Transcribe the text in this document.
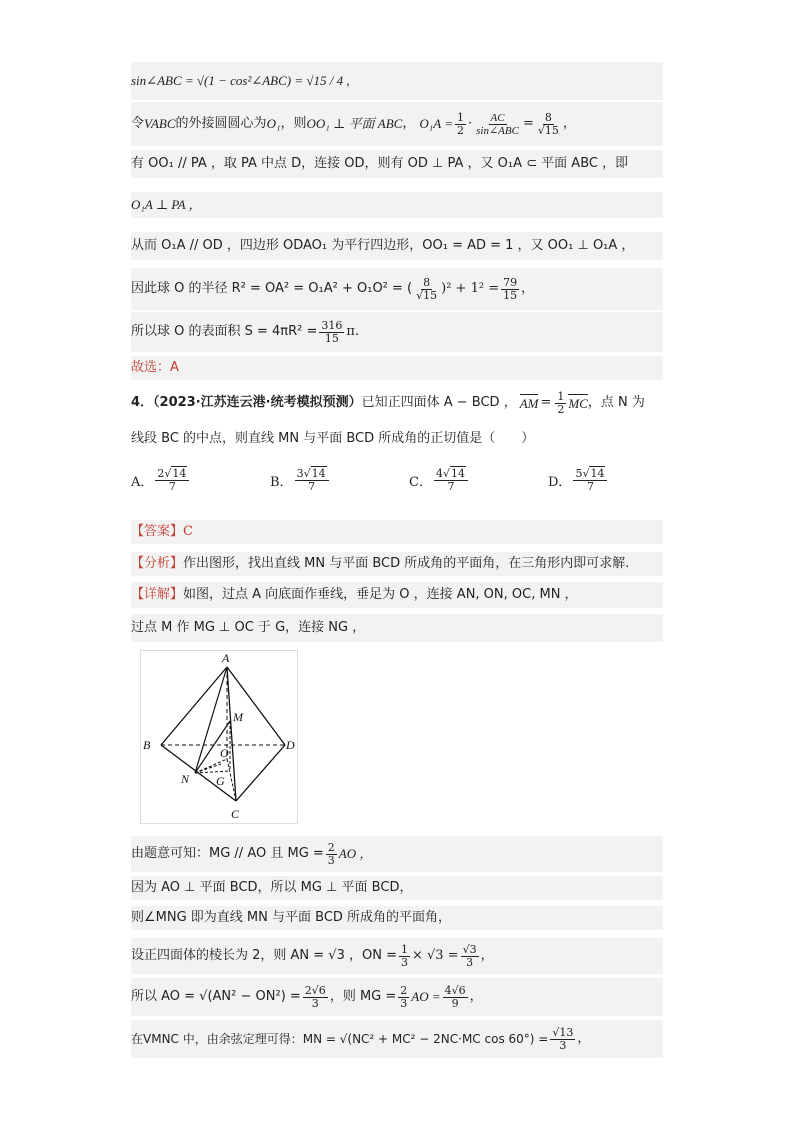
sin∠ABC = √(1 − cos²∠ABC) = √15 / 4 ,
令 VABC 的外接圆圆心为 O₁ ，则 OO₁ ⊥ 平面 ABC ， $O_1A = \frac{1}{2} \cdot \frac{AC}{\text{sin∠ABC}} = \frac{8}{√15}$ ，
有 OO₁ // PA ，取 PA 中点 D，连接 OD，则有 OD ⊥ PA ，又 O₁A ⊂ 平面 ABC ，即
O₁A ⊥ PA ，
从而 O₁A // OD ，四边形 ODAO₁ 为平行四边形，OO₁ = AD = 1 ，又 OO₁ ⊥ O₁A ，
因此球 O 的半径 R² = OA² = O₁A² + O₁O² = ( $\frac{8}{√15} )^2 + 1^2 = \frac{79}{15}$ ，
所以球 O 的表面积 $S = 4\pi R^2 = \frac{316}{15} \pi$.
故选：A
4．（2023·江苏连云港·统考模拟预测） 已知正四面体 A − BCD ， AM = $\frac{1}{2}$ MC ，点 N 为
线段 BC 的中点，则直线 MN 与平面 BCD 所成角的正切值是（　　）
A． $\frac{2√14}{7}$	B． $\frac{3√14}{7}$	C． $\frac{4√14}{7}$	D． $\frac{5√14}{7}$
【答案】 C
【分析】 作出图形，找出直线 MN 与平面 BCD 所成角的平面角，在三角形内即可求解.
【详解】 如图，过点 A 向底面作垂线，垂足为 O ，连接 AN, ON, OC, MN ，
过点 M 作 MG ⊥ OC 于 G，连接 NG ，
A
B
C
D
M
N
O
G
由题意可知：MG // AO 且 MG = $\frac{2}{3}$ AO ，
因为 AO ⊥ 平面 BCD，所以 MG ⊥ 平面 BCD，
则∠MNG 即为直线 MN 与平面 BCD 所成角的平面角，
设正四面体的棱长为 2，则 AN = √3 ，ON = $\frac{1}{3} \times √3 = \frac{√3}{3}$ ，
所以 AO = $√(AN^2 - ON^2) = \frac{2√6}{3}$ ，则 MG = $\frac{2}{3}$ AO = $\frac{4√6}{9}$ ，
在VMNC 中，由余弦定理可得：MN = √(NC² + MC² − 2NC·MC $\cos 60^\circ) = \frac{√13}{3}$ ，
